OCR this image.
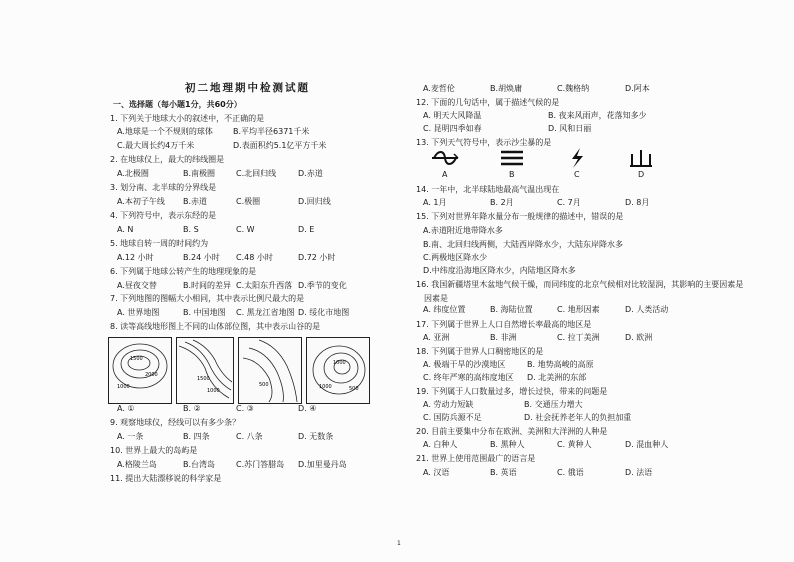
初二地理期中检测试题
一、选择题（每小题1分，共60分）
1. 下列关于地球大小的叙述中，不正确的是
A.地球是一个不规则的球体	B.平均半径6371千米
C.最大周长约4万千米	D.表面积约5.1亿平方千米
2. 在地球仪上，最大的纬线圈是
A.北极圈	B.南极圈	C.北回归线	D.赤道
3. 划分南、北半球的分界线是
A.本初子午线 B.赤道	C.极圈	D.回归线
4. 下列符号中，表示东经的是
A. N	B. S	C. W	D. E
5. 地球自转一周的时间约为
A.12 小时	B.24 小时 C.48 小时	D.72 小时
6. 下列属于地球公转产生的地理现象的是
A.昼夜交替	B.时间的差异 C.太阳东升西落 D.季节的变化
7. 下列地图的图幅大小相同，其中表示比例尺最大的是
A. 世界地图	B. 中国地图 C. 黑龙江省地图 D. 绥化市地图
8. 读等高线地形图上不同的山体部位图，其中表示山谷的是
A. ①	B. ②	C. ③	D. ④
9. 观察地球仪，经线可以有多少条？
A. 一条	B. 四条	C. 八条	D. 无数条
10. 世界上最大的岛屿是
A.格陵兰岛	B.台湾岛	C.苏门答腊岛 D.加里曼丹岛
11. 提出大陆漂移说的科学家是
A.麦哲伦	B.胡焕庸	C.魏格纳	D.阿本
12. 下面的几句话中，属于描述气候的是
A. 明天大风降温	B. 夜来风雨声，花落知多少
C. 昆明四季如春	D. 风和日丽
13. 下列天气符号中，表示沙尘暴的是
14. 一年中，北半球陆地最高气温出现在
A. 1月	B. 2月	C. 7月	D. 8月
15. 下列对世界年降水量分布一般规律的描述中，错误的是
A.赤道附近地带降水多
B.南、北回归线两侧，大陆西岸降水少，大陆东岸降水多
C.两极地区降水少
D.中纬度沿海地区降水少，内陆地区降水多
16. 我国新疆塔里木盆地气候干燥，而同纬度的北京气候相对比较湿润，其影响的主要因素是
因素是
A. 纬度位置	B. 海陆位置	C. 地形因素	D. 人类活动
17. 下列属于世界上人口自然增长率最高的地区是
A. 亚洲	B. 非洲	C. 拉丁美洲	D. 欧洲
18. 下列属于世界人口稠密地区的是
A. 极端干旱的沙漠地区	B. 地势高峻的高原
C. 终年严寒的高纬度地区 D. 北美洲的东部
19. 下列属于人口数量过多，增长过快，带来的问题是
A. 劳动力短缺	B. 交通压力增大
C. 国防兵源不足	D. 社会抚养老年人的负担加重
20. 目前主要集中分布在欧洲、美洲和大洋洲的人种是
A. 白种人	B. 黑种人	C. 黄种人	D. 混血种人
21. 世界上使用范围最广的语言是
A. 汉语	B. 英语	C. 俄语	D. 法语
1500
2000
1000
1500
1000
500
1000
1000	500
A	B	C	D
1
